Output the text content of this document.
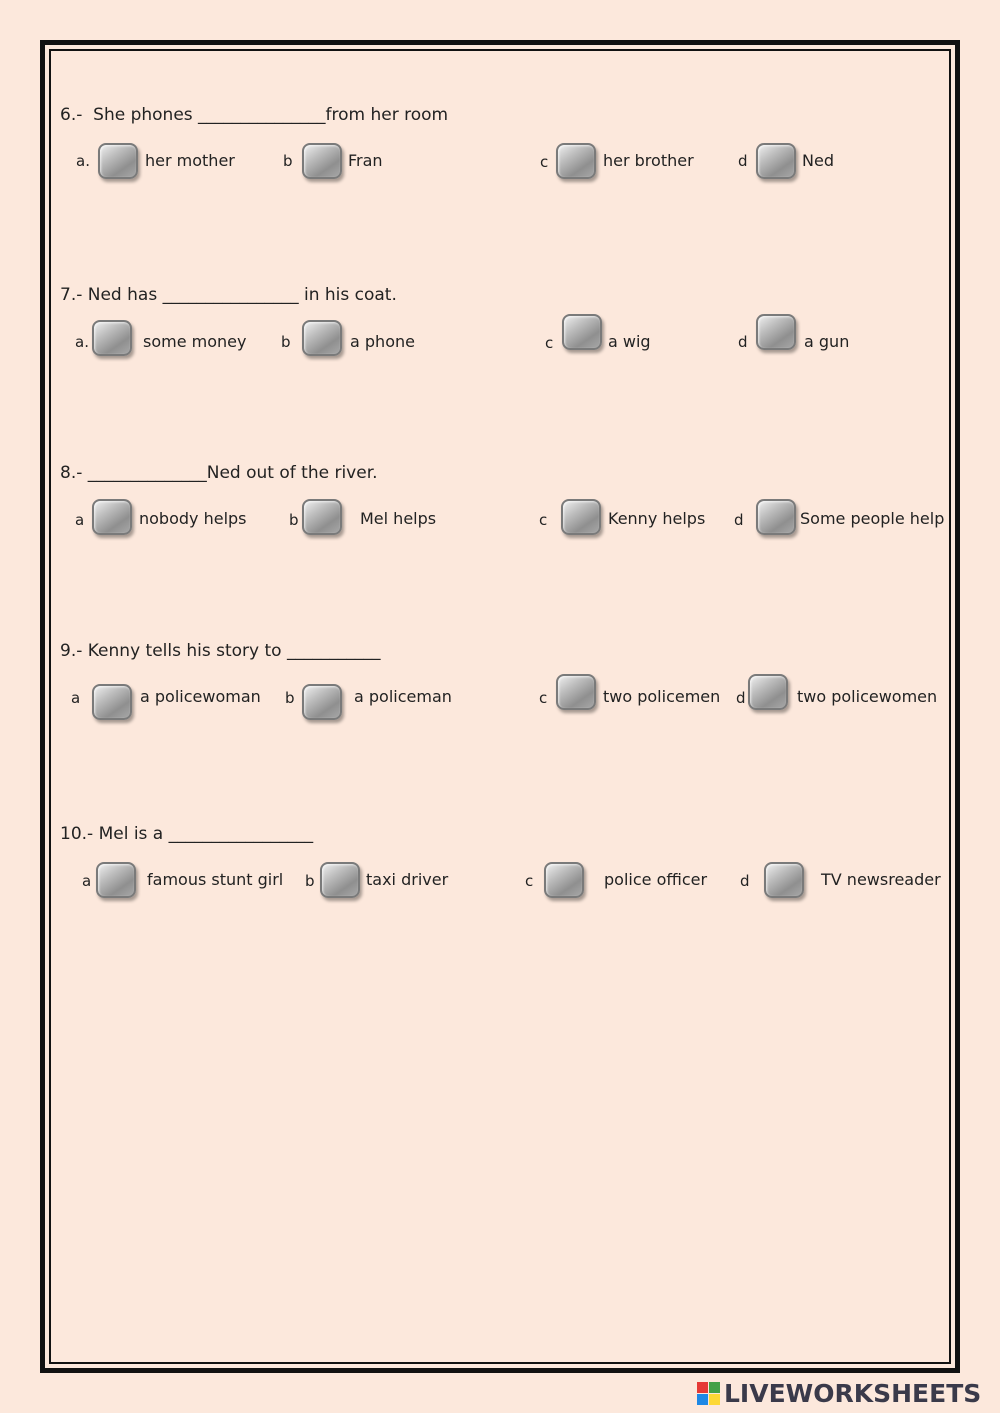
6.-  She phones _______________from her room
a.	her mother	b	Fran	c	her brother	d	Ned
7.- Ned has ________________ in his coat.
a.	some money b	a phone	c	a wig	d	a gun
8.- ______________Ned out of the river.
a	nobody helps	b	Mel helps	c	Kenny helps d	Some people help
9.- Kenny tells his story to ___________
a	a policewoman b	a policeman	c	two policemen d	two policewomen
10.- Mel is a _________________
a	famous stunt girl b	taxi driver	c	police officer d	TV newsreader
LIVEWORKSHEETS
